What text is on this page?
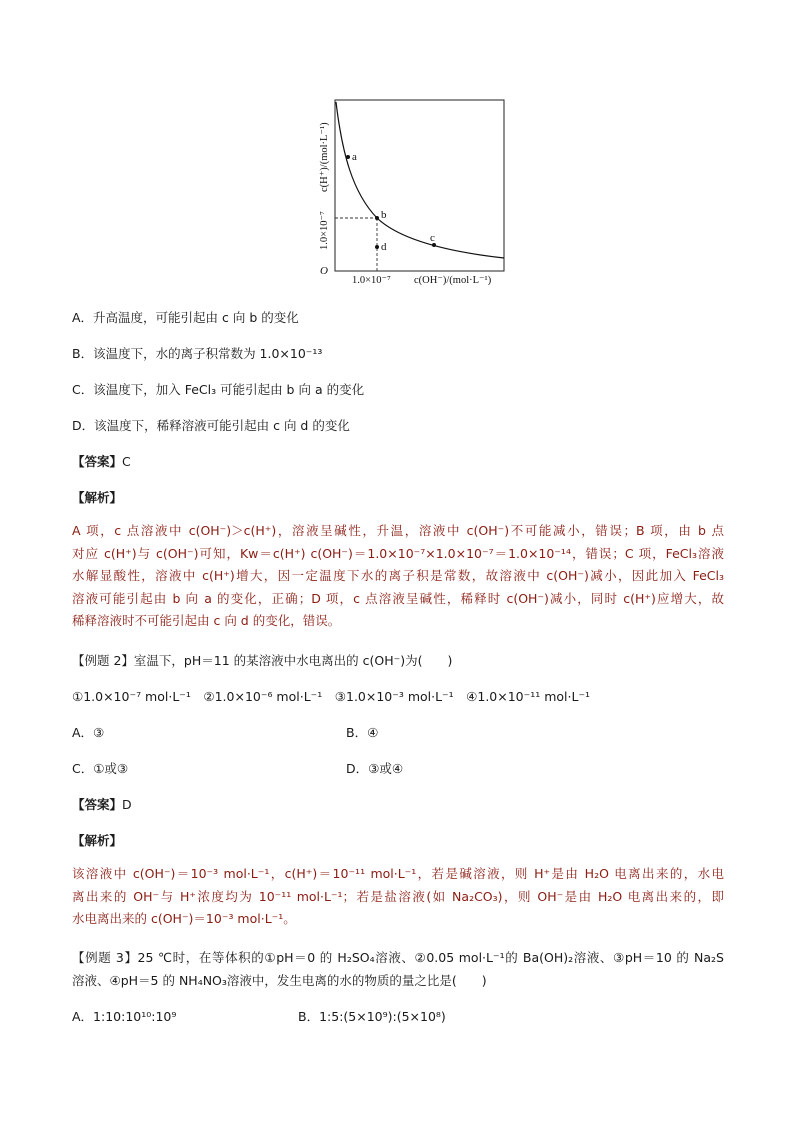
a
b
c
d
O
1.0×10⁻⁷ c(OH⁻)/(mol·L⁻¹)
1.0×10⁻⁷
c(H⁺)/(mol·L⁻¹)
A．升高温度，可能引起由 c 向 b 的变化
B．该温度下，水的离子积常数为 1.0×10⁻¹³
C．该温度下，加入 FeCl₃ 可能引起由 b 向 a 的变化
D．该温度下，稀释溶液可能引起由 c 向 d 的变化
【答案】C
【解析】
A 项，c 点溶液中 c(OH⁻)＞c(H⁺)，溶液呈碱性，升温，溶液中 c(OH⁻)不可能减小，错误；B 项，由 b 点
对应 c(H⁺)与 c(OH⁻)可知，Kw＝c(H⁺) c(OH⁻)＝1.0×10⁻⁷×1.0×10⁻⁷＝1.0×10⁻¹⁴，错误；C 项，FeCl₃溶液
水解显酸性，溶液中 c(H⁺)增大，因一定温度下水的离子积是常数，故溶液中 c(OH⁻)减小，因此加入 FeCl₃
溶液可能引起由 b 向 a 的变化，正确；D 项，c 点溶液呈碱性，稀释时 c(OH⁻)减小，同时 c(H⁺)应增大，故
稀释溶液时不可能引起由 c 向 d 的变化，错误。
【例题 2】室温下，pH＝11 的某溶液中水电离出的 c(OH⁻)为(　　)
①1.0×10⁻⁷ mol·L⁻¹　②1.0×10⁻⁶ mol·L⁻¹　③1.0×10⁻³ mol·L⁻¹　④1.0×10⁻¹¹ mol·L⁻¹
A．③	B．④
C．①或③	D．③或④
【答案】D
【解析】
该溶液中 c(OH⁻)＝10⁻³ mol·L⁻¹，c(H⁺)＝10⁻¹¹ mol·L⁻¹，若是碱溶液，则 H⁺是由 H₂O 电离出来的，水电
离出来的 OH⁻与 H⁺浓度均为 10⁻¹¹ mol·L⁻¹；若是盐溶液(如 Na₂CO₃)，则 OH⁻是由 H₂O 电离出来的，即
水电离出来的 c(OH⁻)＝10⁻³ mol·L⁻¹。
【例题 3】25 ℃时，在等体积的①pH＝0 的 H₂SO₄溶液、②0.05 mol·L⁻¹的 Ba(OH)₂溶液、③pH＝10 的 Na₂S
溶液、④pH＝5 的 NH₄NO₃溶液中，发生电离的水的物质的量之比是(　　)
A．1:10:10¹⁰:10⁹	B．1:5:(5×10⁹):(5×10⁸)
